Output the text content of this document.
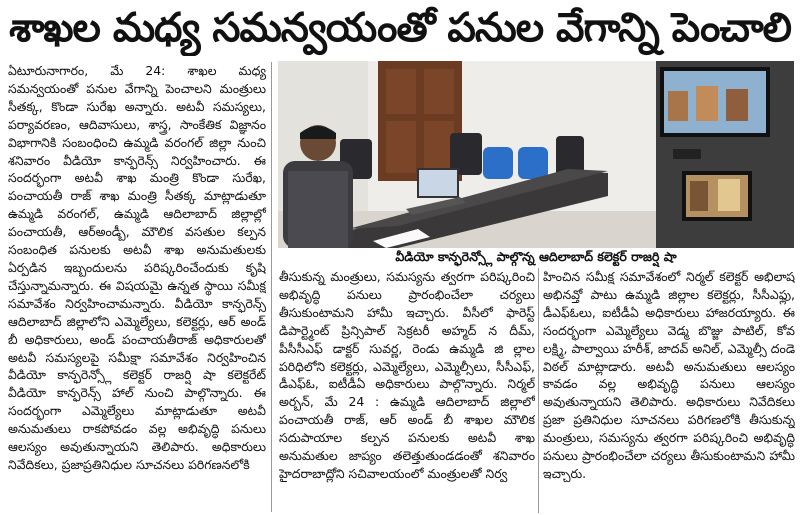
శాఖల మధ్య సమన్వయంతో పనుల వేగాన్ని పెంచాలి

ఏటూరునాగారం, మే 24: శాఖల మధ్య సమన్వయంతో పనుల వేగాన్ని పెంచాలని మంత్రులు సీతక్క, కొండా సురేఖ అన్నారు. అటవీ సమస్యలు, పర్యావరణం, ఆదివాసులు, శాస్త్ర, సాంకేతిక విజ్ఞానం విభాగానికి సంబంధించి ఉమ్మడి వరంగల్ జిల్లా నుంచి శనివారం వీడియో కాన్ఫరెన్స్ నిర్వహించారు. ఈ సందర్భంగా అటవీ శాఖ మంత్రి కొండా సురేఖ, పంచాయతీ రాజ్ శాఖ మంత్రి సీతక్క మాట్లాడుతూ ఉమ్మడి వరంగల్, ఉమ్మడి ఆదిలాబాద్ జిల్లాల్లో పంచాయతీ, ఆర్అండ్బీ, మౌలిక వసతుల కల్పన సంబంధిత పనులకు అటవీ శాఖ అనుమతులకు ఏర్పడిన ఇబ్బందులను పరిష్కరించేందుకు కృషి చేస్తున్నామన్నారు. ఈ విషయమై ఉన్నత స్థాయి సమీక్ష సమావేశం నిర్వహించామన్నారు. వీడియో కాన్ఫరెన్స్ ఆదిలాబాద్ జిల్లాలోని ఎమ్మెల్యేలు, కలెక్టర్లు, ఆర్ అండ్ బీ అధికారులు, అండ్ పంచాయతీరాజ్ అధికారులతో అటవీ సమస్యలపై సమీక్షా సమావేశం నిర్వహించిన వీడియో కాన్ఫరెన్స్లో కలెక్టర్ రాజర్షి షా కలెక్టరేట్ వీడియో కాన్ఫరెన్స్ హాల్ నుంచి పాల్గొన్నారు. ఈ సందర్భంగా ఎమ్మెల్యేలు మాట్లాడుతూ అటవీ అనుమతులు రాకపోవడం వల్ల అభివృద్ధి పనులు ఆలస్యం అవుతున్నాయని తెలిపారు. అధికారులు నివేదికలు, ప్రజాప్రతినిధుల సూచనలు పరిగణనలోకి

వీడియో కాన్ఫరెన్స్లో పాల్గొన్న ఆదిలాబాద్ కలెక్టర్ రాజర్షి షా

తీసుకున్న మంత్రులు, సమస్యను త్వరగా పరిష్కరించి అభివృద్ధి పనులు ప్రారంభించేలా చర్యలు తీసుకుంటామని హామీ ఇచ్చారు. వీసీలో ఫారెస్ట్ డిపార్ట్మెంట్ ప్రిన్సిపాల్ సెక్రటరీ అహ్మద్ న దీమ్, పీసీసీఎఫ్ డాక్టర్ సువర్ణ, రెండు ఉమ్మడి జి ల్లాల పరిధిలోని కలెక్టర్లు, ఎమ్మెల్యేలు, ఎమ్మెల్సీలు, సీసీఎఫ్, డీఎఫ్ఓ, ఐటీడీఏ అధికారులు పాల్గొన్నారు. నిర్మల్ అర్బన్, మే 24 : ఉమ్మడి ఆదిలాబాద్ జిల్లాలో పంచాయతీ రాజ్, ఆర్ అండ్ బీ శాఖల మౌలిక సదుపాయాల కల్పన పనులకు అటవీ శాఖ అనుమతుల జాప్యం తలెత్తుతుండడంతో శనివారం హైదరాబాద్లోని సచివాలయంలో మంత్రులతో నిర్వ

హించిన సమీక్ష సమావేశంలో నిర్మల్ కలెక్టర్ అభిలాష అభినవ్తో పాటు ఉమ్మడి జిల్లాల కలెక్టర్లు, సీసీఎఫ్లు, డీఎఫ్ఓలు, ఐటీడీఏ అధికారులు హాజరయ్యారు. ఈ సందర్భంగా ఎమ్మెల్యేలు వెడ్మ బొజ్జు పాటిల్, కోవ లక్ష్మి, పాల్వాయి హరీశ్, జాదవ్ అనిల్, ఎమ్మెల్సీ దండె విఠల్ మాట్లాడారు. అటవీ అనుమతులు ఆలస్యం కావడం వల్ల అభివృద్ధి పనులు ఆలస్యం అవుతున్నాయని తెలిపారు. అధికారులు నివేదికలు ప్రజా ప్రతినిధుల సూచనలు పరిగణలోకి తీసుకున్న మంత్రులు, సమస్యను త్వరగా పరిష్కరించి అభివృద్ధి పనులు ప్రారంభించేలా చర్యలు తీసుకుంటామని హామీ ఇచ్చారు.
